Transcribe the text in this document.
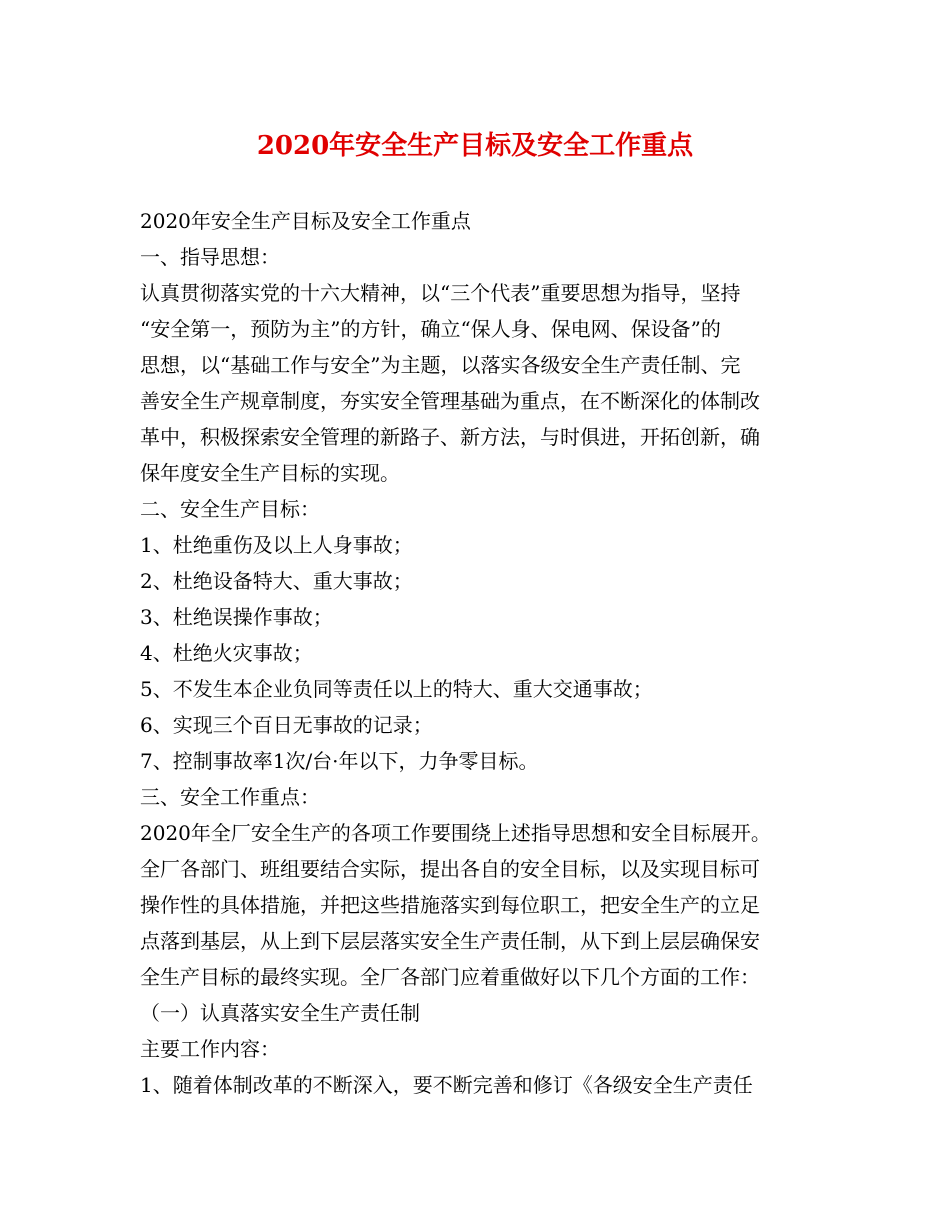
2020年安全生产目标及安全工作重点
2020年安全生产目标及安全工作重点
一、指导思想：
认真贯彻落实党的十六大精神，以“三个代表”重要思想为指导，坚持
“安全第一，预防为主”的方针，确立“保人身、保电网、保设备”的
思想，以“基础工作与安全”为主题，以落实各级安全生产责任制、完
善安全生产规章制度，夯实安全管理基础为重点，在不断深化的体制改
革中，积极探索安全管理的新路子、新方法，与时俱进，开拓创新，确
保年度安全生产目标的实现。
二、安全生产目标：
1、杜绝重伤及以上人身事故；
2、杜绝设备特大、重大事故；
3、杜绝误操作事故；
4、杜绝火灾事故；
5、不发生本企业负同等责任以上的特大、重大交通事故；
6、实现三个百日无事故的记录；
7、控制事故率1次/台·年以下，力争零目标。
三、安全工作重点：
2020年全厂安全生产的各项工作要围绕上述指导思想和安全目标展开。
全厂各部门、班组要结合实际，提出各自的安全目标，以及实现目标可
操作性的具体措施，并把这些措施落实到每位职工，把安全生产的立足
点落到基层，从上到下层层落实安全生产责任制，从下到上层层确保安
全生产目标的最终实现。全厂各部门应着重做好以下几个方面的工作：
（一）认真落实安全生产责任制
主要工作内容：
1、随着体制改革的不断深入，要不断完善和修订《各级安全生产责任
